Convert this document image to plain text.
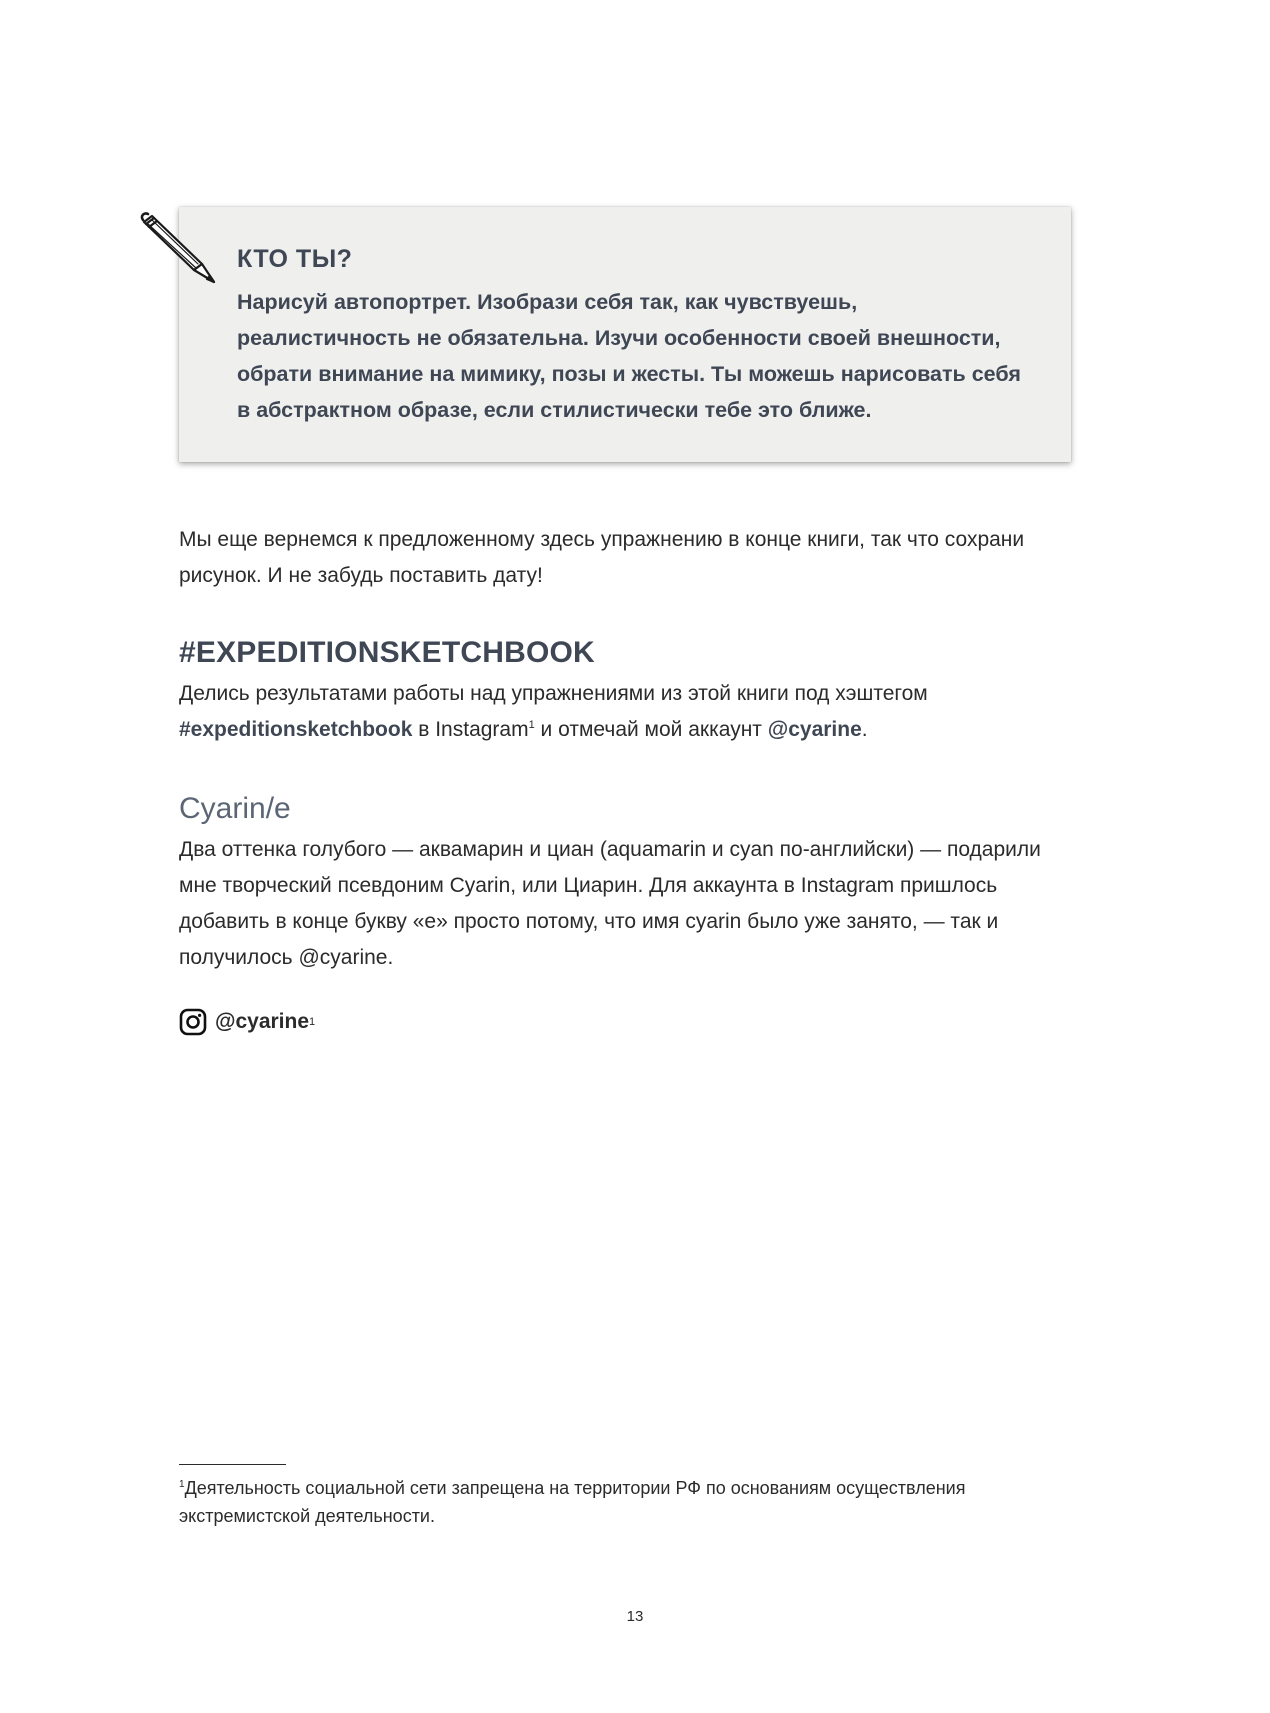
КТО ТЫ?

Нарисуй автопортрет. Изобрази себя так, как чувствуешь, реалистичность не обязательна. Изучи особенности своей внешности, обрати внимание на мимику, позы и жесты. Ты можешь нарисовать себя в абстрактном образе, если стилистически тебе это ближе.

Мы еще вернемся к предложенному здесь упражнению в конце книги, так что сохрани рисунок. И не забудь поставить дату!

#EXPEDITIONSKETCHBOOK

Делись результатами работы над упражнениями из этой книги под хэштегом #expeditionsketchbook в Instagram$^1$ и отмечай мой аккаунт @cyarine.

Cyarin/e

Два оттенка голубого — аквамарин и циан (aquamarin и cyan по-английски) — подарили мне творческий псевдоним Cyarin, или Циарин. Для аккаунта в Instagram пришлось добавить в конце букву «e» просто потому, что имя cyarin было уже занято, — так и получилось @cyarine.

@cyarine 1

$^1$Деятельность социальной сети запрещена на территории РФ по основаниям осуществления экстремистской деятельности.

13
